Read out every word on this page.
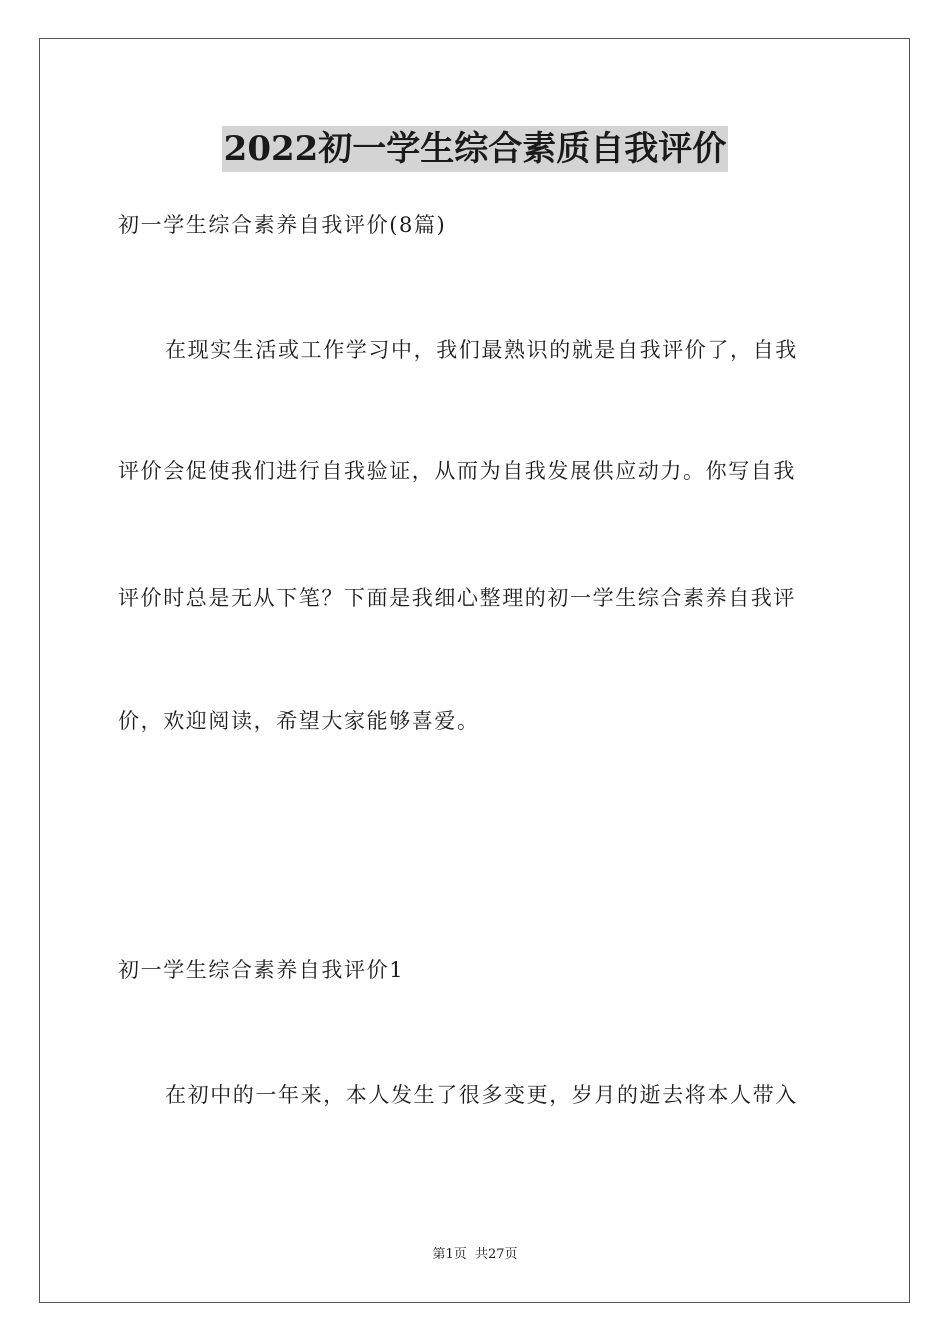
2022初一学生综合素质自我评价
初一学生综合素养自我评价(8篇)
在现实生活或工作学习中，我们最熟识的就是自我评价了，自我
评价会促使我们进行自我验证，从而为自我发展供应动力。你写自我
评价时总是无从下笔？下面是我细心整理的初一学生综合素养自我评
价，欢迎阅读，希望大家能够喜爱。
初一学生综合素养自我评价1
在初中的一年来，本人发生了很多变更，岁月的逝去将本人带入
第1页 共27页
